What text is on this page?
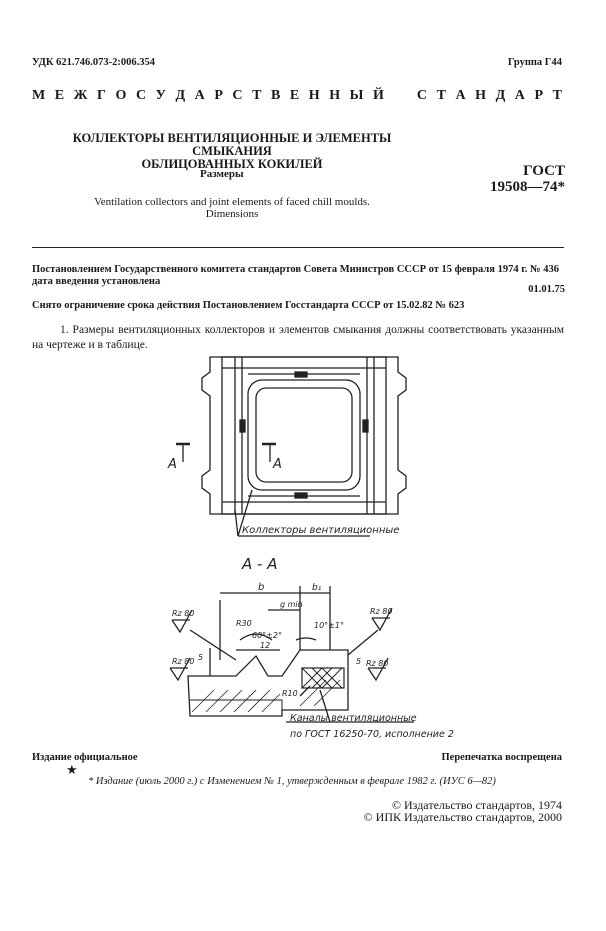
УДК 621.746.073-2:006.354	Группа Г44
М Е Ж Г О С У Д А Р С Т В Е Н Н Ы Й С Т А Н Д А Р Т
КОЛЛЕКТОРЫ ВЕНТИЛЯЦИОННЫЕ И ЭЛЕМЕНТЫ СМЫКАНИЯ
ОБЛИЦОВАННЫХ КОКИЛЕЙ
Размеры	ГОСТ
19508—74*
Ventilation collectors and joint elements of faced chill moulds.
Dimensions
Постановлением Государственного комитета стандартов Совета Министров СССР от 15 февраля 1974 г. № 436 дата введения установлена
01.01.75
Снято ограничение срока действия Постановлением Госстандарта СССР от 15.02.82 № 623
1. Размеры вентиляционных коллекторов и элементов смыкания должны соответствовать указанным на чертеже и в таблице.
А	А
Коллекторы вентиляционные
А - А
b	b₁
g min
Rz 80
R30
60°±2°
10°±1°
12
Rz 80
Rz 80 5	5 Rz 80
R10
Каналы вентиляционные
по ГОСТ 16250-70, исполнение 2
Издание официальное
★
Перепечатка воспрещена
* Издание (июль 2000 г.) с Изменением № 1, утвержденным в феврале 1982 г. (ИУС 6—82)
© Издательство стандартов, 1974
© ИПК Издательство стандартов, 2000
